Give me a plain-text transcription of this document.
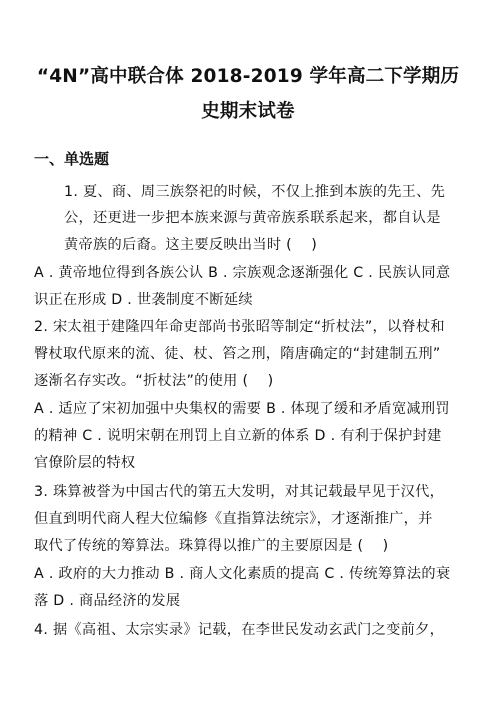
“4N”高中联合体 2018-2019 学年高二下学期历
史期末试卷
一、单选题
1. 夏、商、周三族祭祀的时候，不仅上推到本族的先王、先
公，还更进一步把本族来源与黄帝族系联系起来，都自认是
黄帝族的后裔。这主要反映出当时 (　 )
A . 黄帝地位得到各族公认 B . 宗族观念逐渐强化 C . 民族认同意
识正在形成 D . 世袭制度不断延续
2. 宋太祖于建隆四年命吏部尚书张昭等制定“折杖法”，以脊杖和
臀杖取代原来的流、徒、杖、笞之刑，隋唐确定的“封建制五刑”
逐渐名存实改。“折杖法”的使用 (　 )
A . 适应了宋初加强中央集权的需要 B . 体现了缓和矛盾宽减刑罚
的精神 C . 说明宋朝在刑罚上自立新的体系 D . 有利于保护封建
官僚阶层的特权
3. 珠算被誉为中国古代的第五大发明，对其记载最早见于汉代，
但直到明代商人程大位编修《直指算法统宗》，才逐渐推广，并
取代了传统的筹算法。珠算得以推广的主要原因是 (　 )
A . 政府的大力推动 B . 商人文化素质的提高 C . 传统筹算法的衰
落 D . 商品经济的发展
4. 据《高祖、太宗实录》记载，在李世民发动玄武门之变前夕，
